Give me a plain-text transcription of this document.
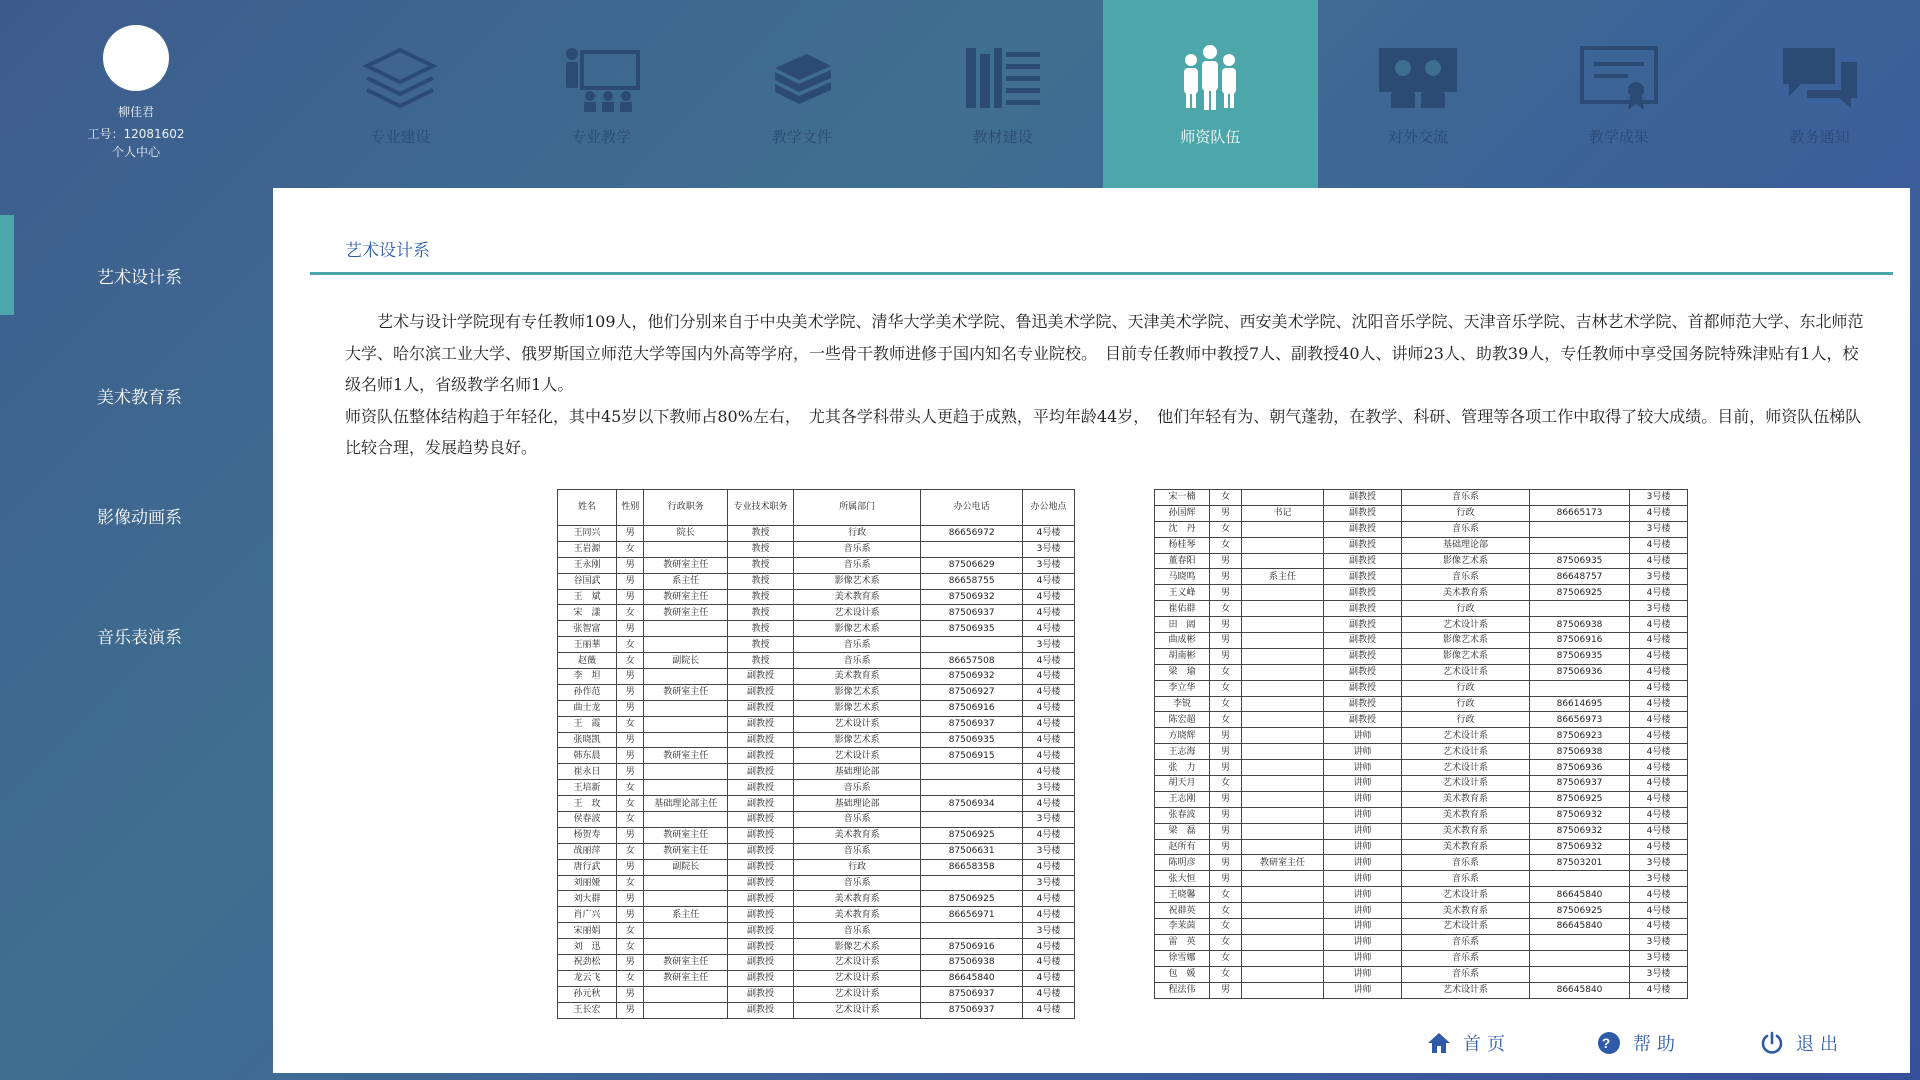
柳佳君
工号：12081602
个人中心
专业建设	专业教学	教学文件	教材建设	师资队伍	对外交流	教学成果	教务通知
艺术设计系
美术教育系
影像动画系
音乐表演系
艺术设计系

艺术与设计学院现有专任教师109人，他们分别来自于中央美术学院、清华大学美术学院、鲁迅美术学院、天津美术学院、西安美术学院、沈阳音乐学院、天津音乐学院、吉林艺术学院、首都师范大学、东北师范大学、哈尔滨工业大学、俄罗斯国立师范大学等国内外高等学府，一些骨干教师进修于国内知名专业院校。　目前专任教师中教授7人、副教授40人、讲师23人、助教39人，专任教师中享受国务院特殊津贴有1人，校级名师1人，省级教学名师1人。

师资队伍整体结构趋于年轻化，其中45岁以下教师占80%左右，　尤其各学科带头人更趋于成熟，平均年龄44岁，　他们年轻有为、朝气蓬勃，在教学、科研、管理等各项工作中取得了较大成绩。目前，师资队伍梯队比较合理，发展趋势良好。

姓名	性别	行政职务	专业技术职务	所属部门	办公电话	办公地点
王同兴	男	院长	教授	行政	86656972	4号楼
王岩源	女		教授	音乐系		3号楼
王永刚	男	教研室主任	教授	音乐系	87506629	3号楼
谷国武	男	系主任	教授	影像艺术系	86658755	4号楼
王　斌	男	教研室主任	教授	美术教育系	87506932	4号楼
宋　漾	女	教研室主任	教授	艺术设计系	87506937	4号楼
张智富	男		教授	影像艺术系	87506935	4号楼
王丽華	女		教授	音乐系		3号楼
赵薇	女	副院长	教授	音乐系	86657508	4号楼
李　坦	男		副教授	美术教育系	87506932	4号楼
孙作范	男	教研室主任	副教授	影像艺术系	87506927	4号楼
曲士龙	男		副教授	影像艺术系	87506916	4号楼
王　霞	女		副教授	艺术设计系	87506937	4号楼
张晓凯	男		副教授	影像艺术系	87506935	4号楼
韩东晨	男	教研室主任	副教授	艺术设计系	87506915	4号楼
崔永日	男		副教授	基础理论部		4号楼
王培新	女		副教授	音乐系		3号楼
王　玫	女	基础理论部主任	副教授	基础理论部	87506934	4号楼
侯春波	女		副教授	音乐系		3号楼
杨贺寿	男	教研室主任	副教授	美术教育系	87506925	4号楼
战丽萍	女	教研室主任	副教授	音乐系	87506631	3号楼
唐行武	男	副院长	副教授	行政	86658358	4号楼
刘丽娅	女		副教授	音乐系		3号楼
刘大群	男		副教授	美术教育系	87506925	4号楼
肖广兴	男	系主任	副教授	美术教育系	86656971	4号楼
宋丽娟	女		副教授	音乐系		3号楼
刘　迅	女		副教授	影像艺术系	87506916	4号楼
祝劲松	男	教研室主任	副教授	艺术设计系	87506938	4号楼
龙云飞	女	教研室主任	副教授	艺术设计系	86645840	4号楼
孙元秋	男		副教授	艺术设计系	87506937	4号楼
王长宏	男		副教授	艺术设计系	87506937	4号楼
宋一楠	女		副教授	音乐系		3号楼
孙国辉	男	书记	副教授	行政	86665173	4号楼
沈　丹	女		副教授	音乐系		3号楼
杨桂琴	女		副教授	基础理论部		4号楼
董春阳	男		副教授	影像艺术系	87506935	4号楼
马晓鸣	男	系主任	副教授	音乐系	86648757	3号楼
王义峰	男		副教授	美术教育系	87506925	4号楼
崔佑群	女		副教授	行政		3号楼
田　阔	男		副教授	艺术设计系	87506938	4号楼
曲成彬	男		副教授	影像艺术系	87506916	4号楼
胡南彬	男		副教授	影像艺术系	87506935	4号楼
梁　瑜	女		副教授	艺术设计系	87506936	4号楼
李立华	女		副教授	行政		4号楼
李锐	女		副教授	行政	86614695	4号楼
陈宏超	女		副教授	行政	86656973	4号楼
方晓辉	男		讲师	艺术设计系	87506923	4号楼
王志海	男		讲师	艺术设计系	87506938	4号楼
张　力	男		讲师	艺术设计系	87506936	4号楼
胡天月	女		讲师	艺术设计系	87506937	4号楼
王志刚	男		讲师	美术教育系	87506925	4号楼
张春波	男		讲师	美术教育系	87506932	4号楼
梁　磊	男		讲师	美术教育系	87506932	4号楼
赵所有	男		讲师	美术教育系	87506932	4号楼
陈明彦	男	教研室主任	讲师	音乐系	87503201	3号楼
张大恒	男		讲师	音乐系		3号楼
王晓馨	女		讲师	艺术设计系	86645840	4号楼
祝群英	女		讲师	美术教育系	87506925	4号楼
李茉茵	女		讲师	艺术设计系	86645840	4号楼
雷　英	女		讲师	音乐系		3号楼
徐雪娜	女		讲师	音乐系		3号楼
包　媛	女		讲师	音乐系		3号楼
程法伟	男		讲师	艺术设计系	86645840	4号楼
首页	? 帮助	退出
